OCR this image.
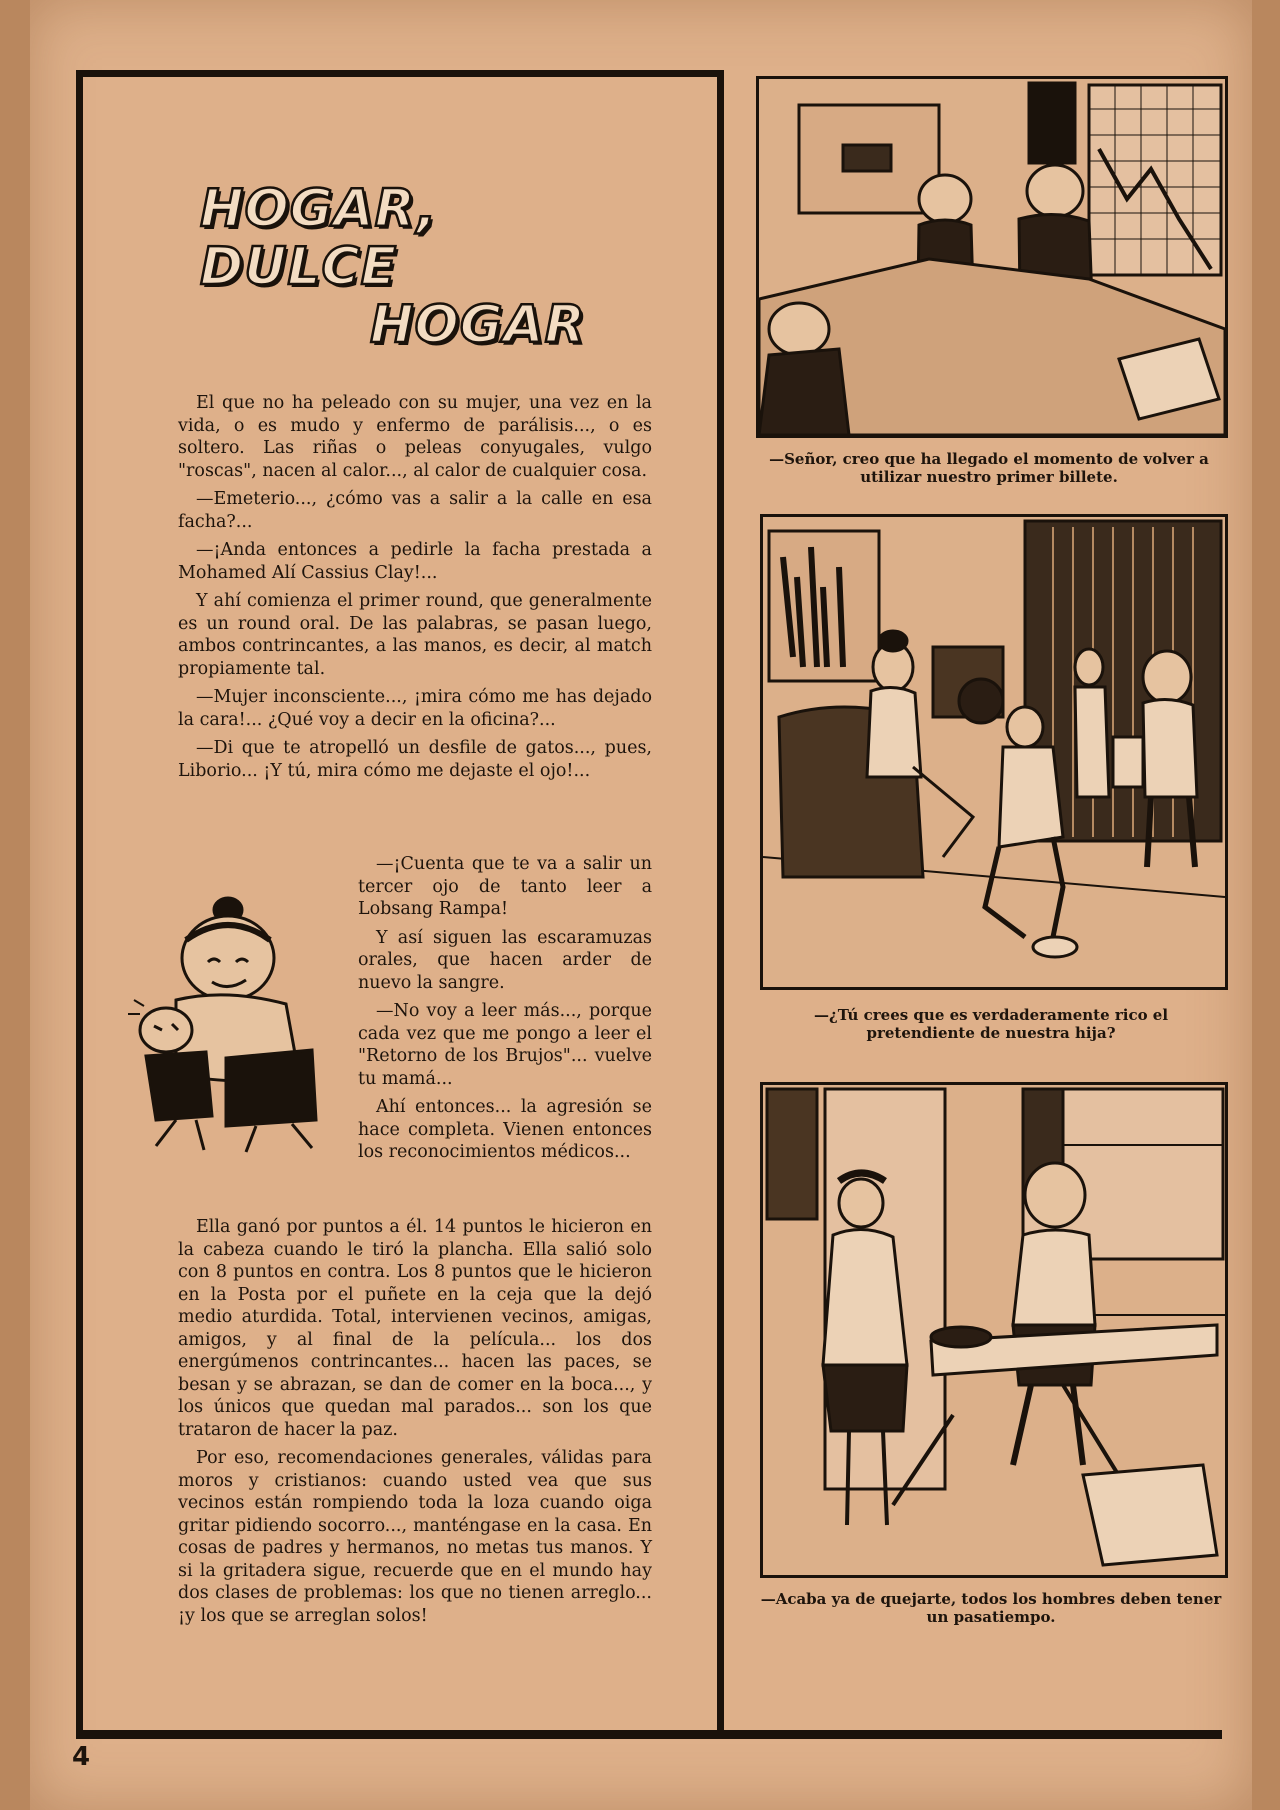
4
HOGAR, DULCE
HOGAR

El que no ha peleado con su mujer, una vez en la vida, o es mudo y enfermo de parálisis..., o es soltero. Las riñas o peleas conyugales, vulgo "roscas", nacen al calor..., al calor de cualquier cosa.

—Emeterio..., ¿cómo vas a salir a la calle en esa facha?...

—¡Anda entonces a pedirle la facha prestada a Mohamed Alí Cassius Clay!...

Y ahí comienza el primer round, que generalmente es un round oral. De las palabras, se pasan luego, ambos contrincantes, a las manos, es decir, al match propiamente tal.

—Mujer inconsciente..., ¡mira cómo me has dejado la cara!... ¿Qué voy a decir en la oficina?...

—Di que te atropelló un desfile de gatos..., pues, Liborio... ¡Y tú, mira cómo me dejaste el ojo!...

—¡Cuenta que te va a salir un tercer ojo de tanto leer a Lobsang Rampa!

Y así siguen las escaramuzas orales, que hacen arder de nuevo la sangre.

—No voy a leer más..., porque cada vez que me pongo a leer el "Retorno de los Brujos"... vuelve tu mamá...

Ahí entonces... la agresión se hace completa. Vienen entonces los reconocimientos médicos...

Ella ganó por puntos a él. 14 puntos le hicieron en la cabeza cuando le tiró la plancha. Ella salió solo con 8 puntos en contra. Los 8 puntos que le hicieron en la Posta por el puñete en la ceja que la dejó medio aturdida. Total, intervienen vecinos, amigas, amigos, y al final de la película... los dos energúmenos contrincantes... hacen las paces, se besan y se abrazan, se dan de comer en la boca..., y los únicos que quedan mal parados... son los que trataron de hacer la paz.

Por eso, recomendaciones generales, válidas para moros y cristianos: cuando usted vea que sus vecinos están rompiendo toda la loza cuando oiga gritar pidiendo socorro..., manténgase en la casa. En cosas de padres y hermanos, no metas tus manos. Y si la gritadera sigue, recuerde que en el mundo hay dos clases de problemas: los que no tienen arreglo... ¡y los que se arreglan solos!

—Señor, creo que ha llegado el momento de volver a utilizar nuestro primer billete.
—¿Tú crees que es verdaderamente rico el pretendiente de nuestra hija?
—Acaba ya de quejarte, todos los hombres deben tener un pasatiempo.
